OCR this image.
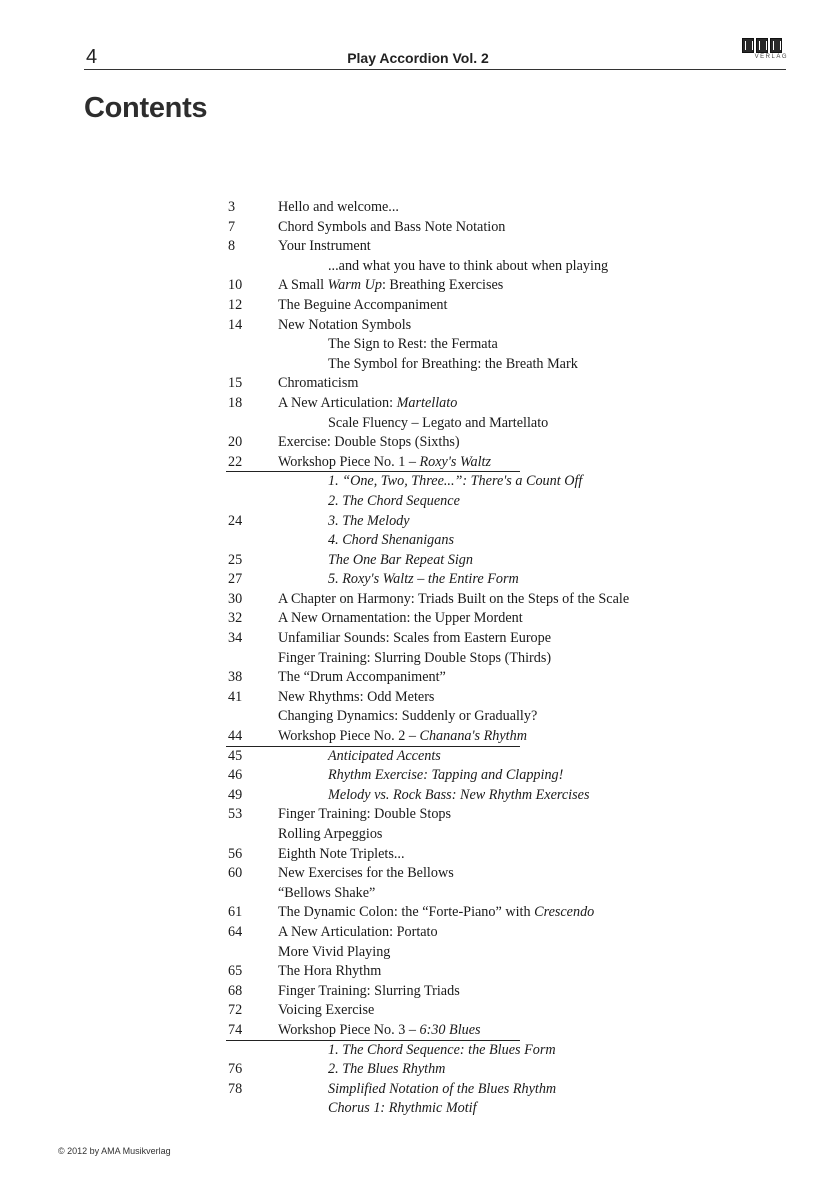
4	Play Accordion Vol. 2	VERLAG
Contents
3	Hello and welcome...
7	Chord Symbols and Bass Note Notation
8	Your Instrument
...and what you have to think about when playing
10	A Small Warm Up: Breathing Exercises
12	The Beguine Accompaniment
14	New Notation Symbols
The Sign to Rest: the Fermata
The Symbol for Breathing: the Breath Mark
15	Chromaticism
18	A New Articulation: Martellato
Scale Fluency – Legato and Martellato
20	Exercise: Double Stops (Sixths)
22	Workshop Piece No. 1 – Roxy's Waltz
1. “One, Two, Three...”: There's a Count Off
2. The Chord Sequence
24	3. The Melody
4. Chord Shenanigans
25	The One Bar Repeat Sign
27	5. Roxy's Waltz – the Entire Form
30	A Chapter on Harmony: Triads Built on the Steps of the Scale
32	A New Ornamentation: the Upper Mordent
34	Unfamiliar Sounds: Scales from Eastern Europe
Finger Training: Slurring Double Stops (Thirds)
38	The “Drum Accompaniment”
41	New Rhythms: Odd Meters
Changing Dynamics: Suddenly or Gradually?
44	Workshop Piece No. 2 – Chanana's Rhythm
45	Anticipated Accents
46	Rhythm Exercise: Tapping and Clapping!
49	Melody vs. Rock Bass: New Rhythm Exercises
53	Finger Training: Double Stops
Rolling Arpeggios
56	Eighth Note Triplets...
60	New Exercises for the Bellows
“Bellows Shake”
61	The Dynamic Colon: the “Forte-Piano” with Crescendo
64	A New Articulation: Portato
More Vivid Playing
65	The Hora Rhythm
68	Finger Training: Slurring Triads
72	Voicing Exercise
74	Workshop Piece No. 3 – 6:30 Blues
1. The Chord Sequence: the Blues Form
76	2. The Blues Rhythm
78	Simplified Notation of the Blues Rhythm
Chorus 1: Rhythmic Motif
© 2012 by AMA Musikverlag
